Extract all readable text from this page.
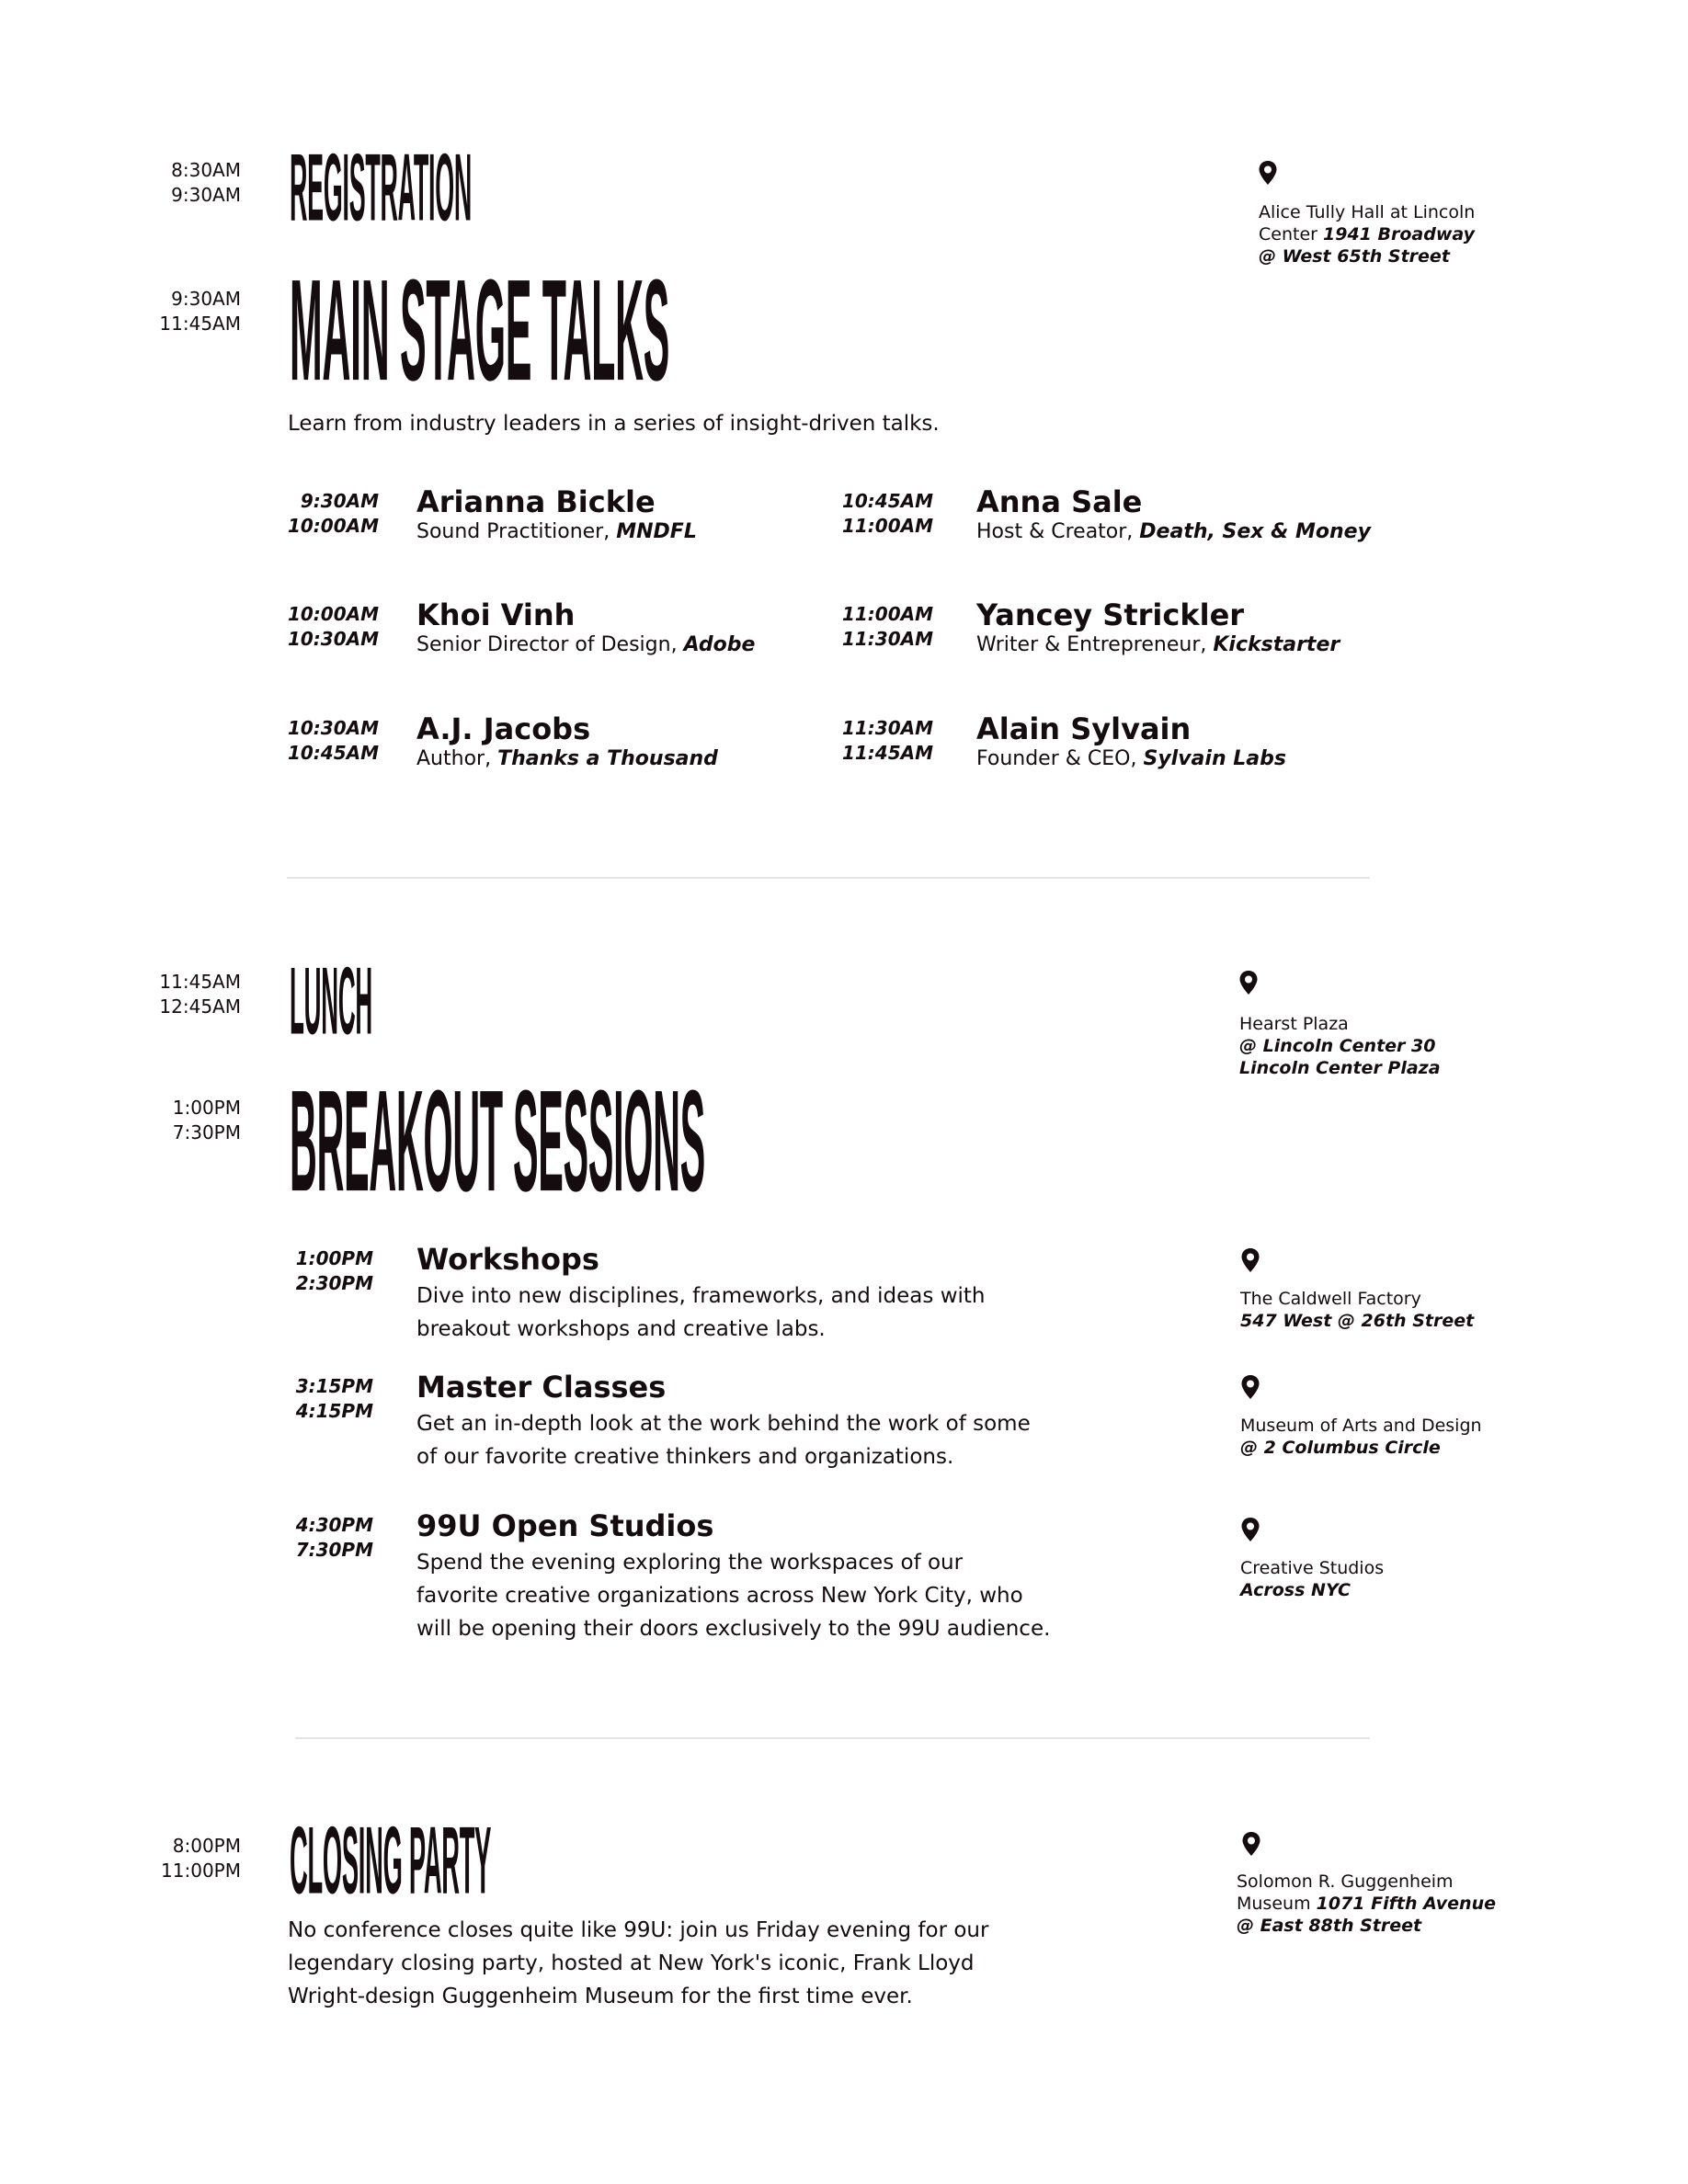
8:30AM
9:30AM REGISTRATION	Alice Tully Hall at Lincoln Center 1941 Broadway
@ West 65th Street
9:30AM
11:45AM MAIN STAGE TALKS

Learn from industry leaders in a series of insight-driven talks.

9:30AM
10:00AM
Arianna Bickle
Sound Practitioner, MNDFL
10:00AM
10:30AM
Khoi Vinh
Senior Director of Design, Adobe
10:30AM
10:45AM
A.J. Jacobs
Author, Thanks a Thousand
10:45AM
11:00AM
Anna Sale
Host & Creator, Death, Sex & Money
11:00AM
11:30AM
Yancey Strickler
Writer & Entrepreneur, Kickstarter
11:30AM
11:45AM
Alain Sylvain
Founder & CEO, Sylvain Labs
11:45AM
12:45AM LUNCH	Hearst Plaza
@ Lincoln Center 30
Lincoln Center Plaza
1:00PM
7:30PM BREAKOUT SESSIONS
1:00PM
2:30PM
Workshops
Dive into new disciplines, frameworks, and ideas with
breakout workshops and creative labs.
The Caldwell Factory
547 West @ 26th Street
3:15PM
4:15PM
Master Classes
Get an in-depth look at the work behind the work of some
of our favorite creative thinkers and organizations.
Museum of Arts and Design
@ 2 Columbus Circle
4:30PM
7:30PM
99U Open Studios
Spend the evening exploring the workspaces of our
favorite creative organizations across New York City, who
will be opening their doors exclusively to the 99U audience.
Creative Studios
Across NYC
8:00PM
11:00PM CLOSING PARTY
No conference closes quite like 99U: join us Friday evening for our
legendary closing party, hosted at New York's iconic, Frank Lloyd
Wright-design Guggenheim Museum for the first time ever.
Solomon R. Guggenheim
Museum 1071 Fifth Avenue
@ East 88th Street
